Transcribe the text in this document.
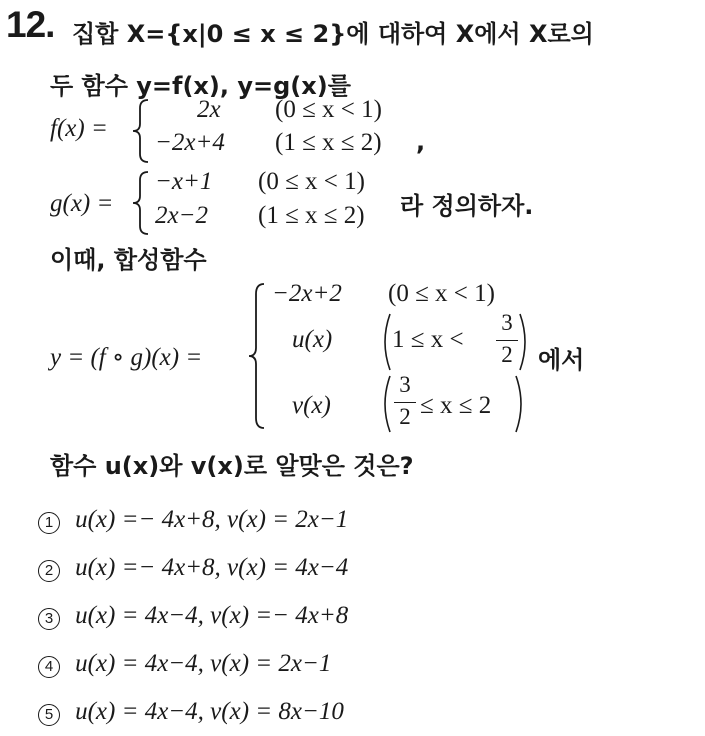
12. 집합 X={x|0 ≤ x ≤ 2}에 대하여 X에서 X로의
두 함수 y=f(x), y=g(x)를
f(x) =
2x (0 ≤ x < 1)
−2x+4 (1 ≤ x ≤ 2) ,
g(x) =
−x+1 (0 ≤ x < 1)
2x−2 (1 ≤ x ≤ 2) 라 정의하자.
이때, 합성함수
y = (f ∘ g)(x) =
−2x+2 (0 ≤ x < 1)
u(x) 1 ≤ x <
3
2 에서
v(x)
3
2 ≤ x ≤ 2
함수 u(x)와 v(x)로 알맞은 것은?
1 u(x) =− 4x+8, v(x) = 2x−1
2 u(x) =− 4x+8, v(x) = 4x−4
3 u(x) = 4x−4, v(x) =− 4x+8
4 u(x) = 4x−4, v(x) = 2x−1
5 u(x) = 4x−4, v(x) = 8x−10
